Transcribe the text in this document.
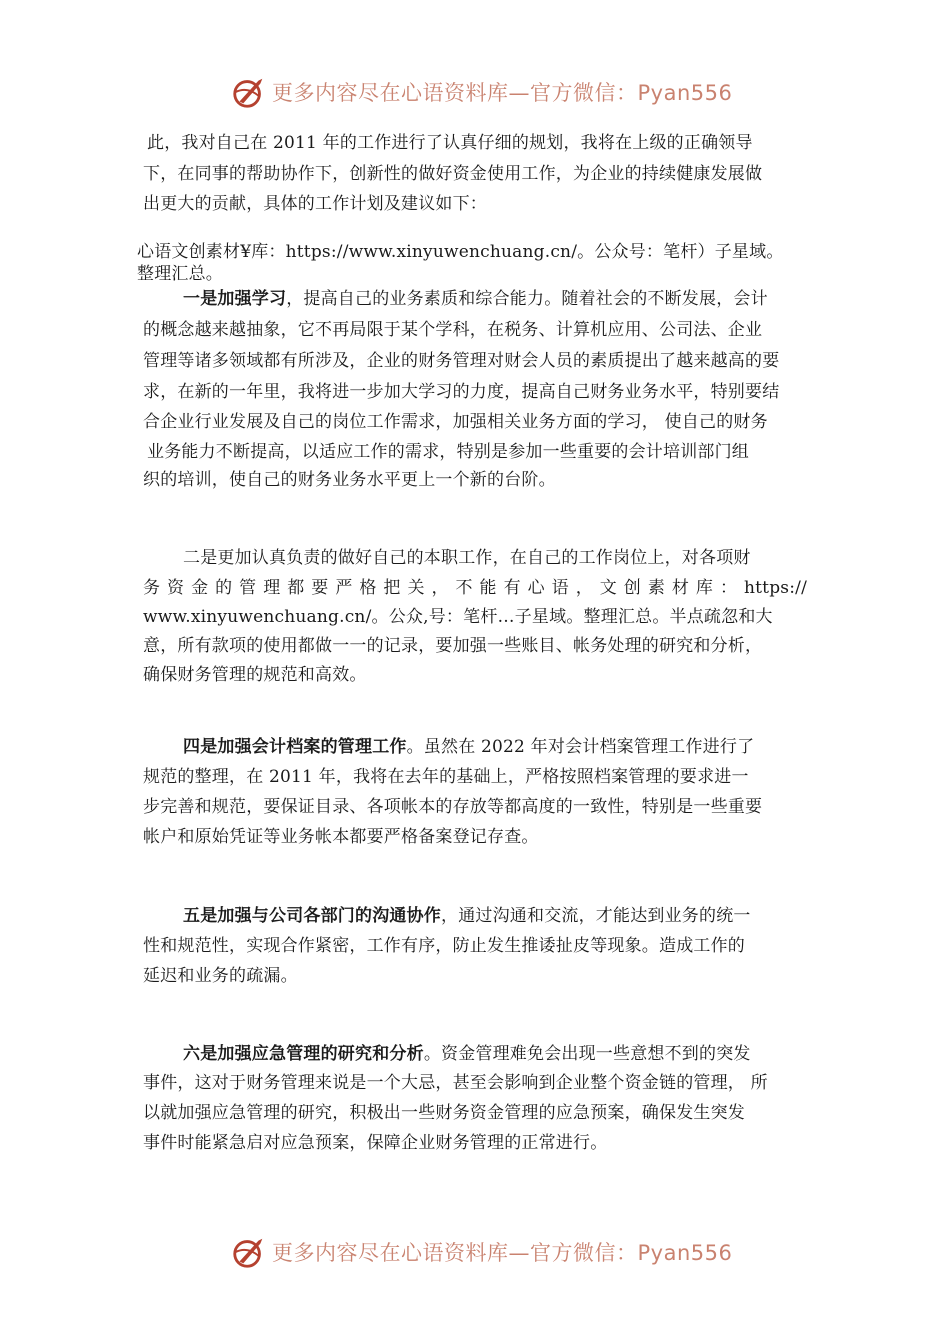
更多内容尽在心语资料库—官方微信：Pyan556
此，我对自己在 2011 年的工作进行了认真仔细的规划，我将在上级的正确领导
下，在同事的帮助协作下，创新性的做好资金使用工作，为企业的持续健康发展做
出更大的贡献，具体的工作计划及建议如下：
心语文创素材¥库：https://www.xinyuwenchuang.cn/。公众号：笔杆）子星域。
整理汇总。
一是加强学习，提高自己的业务素质和综合能力。随着社会的不断发展，会计
的概念越来越抽象，它不再局限于某个学科，在税务、计算机应用、公司法、企业
管理等诸多领域都有所涉及，企业的财务管理对财会人员的素质提出了越来越高的要
求，在新的一年里，我将进一步加大学习的力度，提高自己财务业务水平，特别要结
合企业行业发展及自己的岗位工作需求，加强相关业务方面的学习， 使自己的财务
业务能力不断提高，以适应工作的需求，特别是参加一些重要的会计培训部门组
织的培训，使自己的财务业务水平更上一个新的台阶。
二是更加认真负责的做好自己的本职工作，在自己的工作岗位上，对各项财
务资金的管理都要严格把关，不能有心语，文创素材库：https://
www.xinyuwenchuang.cn/。公众,号：笔杆…子星域。整理汇总。半点疏忽和大
意，所有款项的使用都做一一的记录，要加强一些账目、帐务处理的研究和分析，
确保财务管理的规范和高效。
四是加强会计档案的管理工作。虽然在 2022 年对会计档案管理工作进行了
规范的整理，在 2011 年，我将在去年的基础上，严格按照档案管理的要求进一
步完善和规范，要保证目录、各项帐本的存放等都高度的一致性，特别是一些重要
帐户和原始凭证等业务帐本都要严格备案登记存查。
五是加强与公司各部门的沟通协作，通过沟通和交流，才能达到业务的统一
性和规范性，实现合作紧密，工作有序，防止发生推诿扯皮等现象。造成工作的
延迟和业务的疏漏。
六是加强应急管理的研究和分析。资金管理难免会出现一些意想不到的突发
事件，这对于财务管理来说是一个大忌，甚至会影响到企业整个资金链的管理， 所
以就加强应急管理的研究，积极出一些财务资金管理的应急预案，确保发生突发
事件时能紧急启对应急预案，保障企业财务管理的正常进行。
更多内容尽在心语资料库—官方微信：Pyan556
